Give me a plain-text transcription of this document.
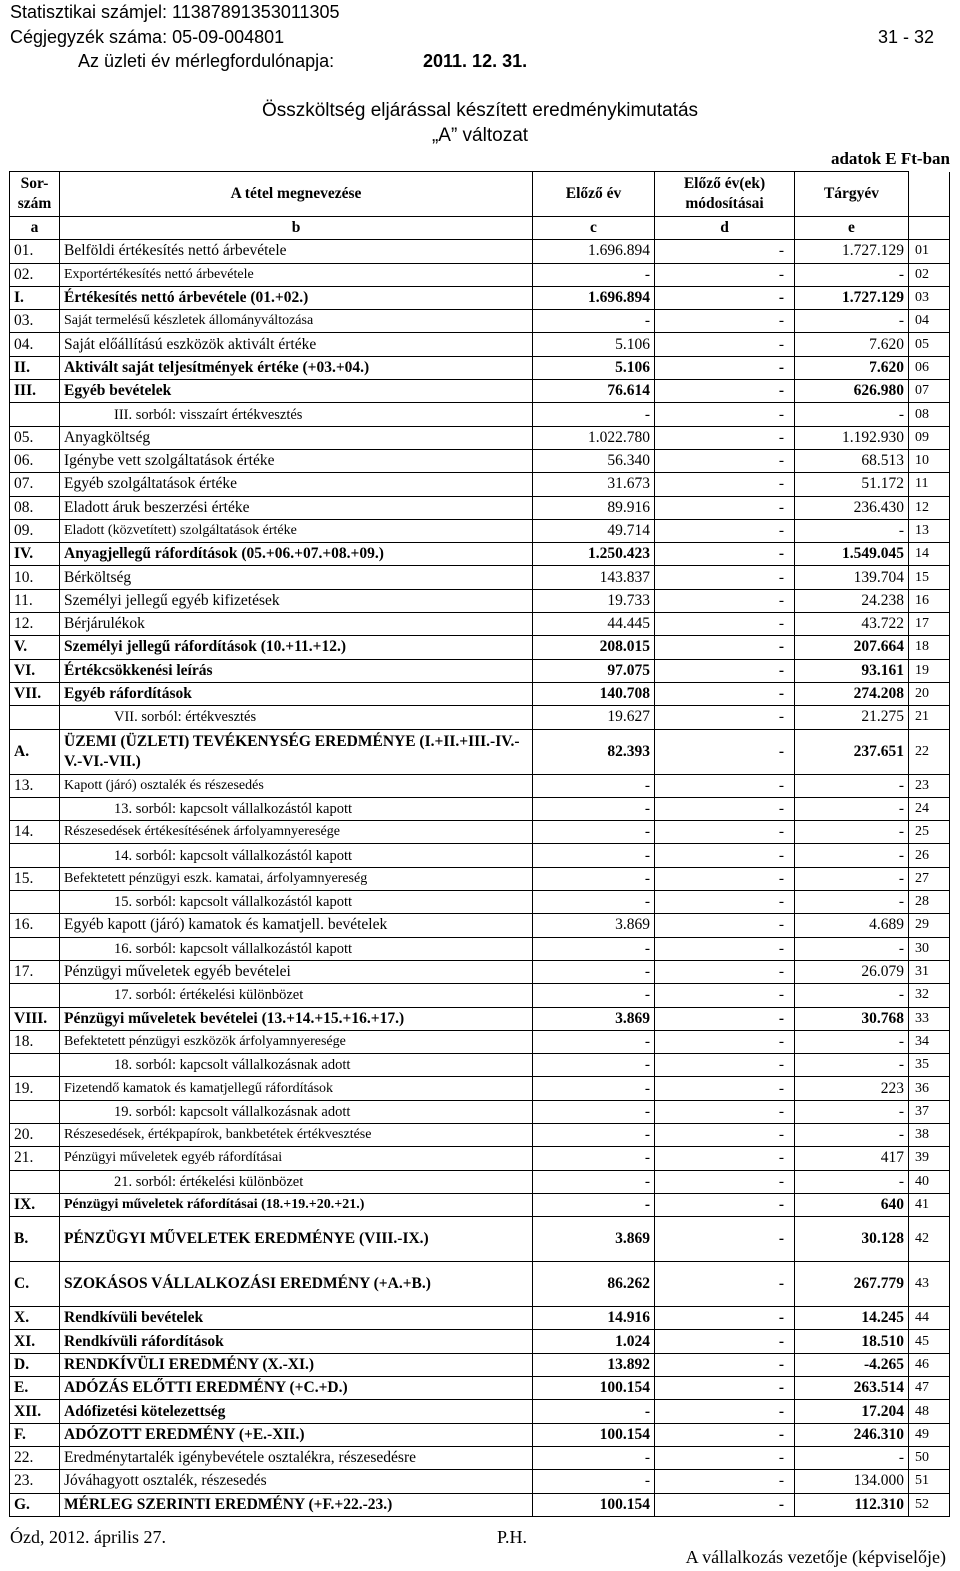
Statisztikai számjel: 11387891353011305
Cégjegyzék száma: 05-09-004801	31 - 32
Az üzleti év mérlegfordulónapja:	2011. 12. 31.
Összköltség eljárással készített eredménykimutatás
„A” változat
adatok E Ft-ban
Sor-
szám	A tétel megnevezése	Előző év	Előző év(ek)
módosításai	Tárgyév	
a	b	c	d	e	
01.	Belföldi értékesítés nettó árbevétele	1.696.894	-	1.727.129	01
02.	Exportértékesítés nettó árbevétele	-	-	-	02
I.	Értékesítés nettó árbevétele (01.+02.)	1.696.894	-	1.727.129	03
03.	Saját termelésű készletek állományváltozása	-	-	-	04
04.	Saját előállítású eszközök aktivált értéke	5.106	-	7.620	05
II.	Aktivált saját teljesítmények értéke (+03.+04.)	5.106	-	7.620	06
III.	Egyéb bevételek	76.614	-	626.980	07
	III. sorból: visszaírt értékvesztés	-	-	-	08
05.	Anyagköltség	1.022.780	-	1.192.930	09
06.	Igénybe vett szolgáltatások értéke	56.340	-	68.513	10
07.	Egyéb szolgáltatások értéke	31.673	-	51.172	11
08.	Eladott áruk beszerzési értéke	89.916	-	236.430	12
09.	Eladott (közvetített) szolgáltatások értéke	49.714	-	-	13
IV.	Anyagjellegű ráfordítások (05.+06.+07.+08.+09.)	1.250.423	-	1.549.045	14
10.	Bérköltség	143.837	-	139.704	15
11.	Személyi jellegű egyéb kifizetések	19.733	-	24.238	16
12.	Bérjárulékok	44.445	-	43.722	17
V.	Személyi jellegű ráfordítások (10.+11.+12.)	208.015	-	207.664	18
VI.	Értékcsökkenési leírás	97.075	-	93.161	19
VII.	Egyéb ráfordítások	140.708	-	274.208	20
	VII. sorból: értékvesztés	19.627	-	21.275	21
A.	ÜZEMI (ÜZLETI) TEVÉKENYSÉG EREDMÉNYE (I.+II.+III.-IV.-V.-VI.-VII.)	82.393	-	237.651	22
13.	Kapott (járó) osztalék és részesedés	-	-	-	23
	13. sorból: kapcsolt vállalkozástól kapott	-	-	-	24
14.	Részesedések értékesítésének árfolyamnyeresége	-	-	-	25
	14. sorból: kapcsolt vállalkozástól kapott	-	-	-	26
15.	Befektetett pénzügyi eszk. kamatai, árfolyamnyereség	-	-	-	27
	15. sorból: kapcsolt vállalkozástól kapott	-	-	-	28
16.	Egyéb kapott (járó) kamatok és kamatjell. bevételek	3.869	-	4.689	29
	16. sorból: kapcsolt vállalkozástól kapott	-	-	-	30
17.	Pénzügyi műveletek egyéb bevételei	-	-	26.079	31
	17. sorból: értékelési különbözet	-	-	-	32
VIII.	Pénzügyi műveletek bevételei (13.+14.+15.+16.+17.)	3.869	-	30.768	33
18.	Befektetett pénzügyi eszközök árfolyamnyeresége	-	-	-	34
	18. sorból: kapcsolt vállalkozásnak adott	-	-	-	35
19.	Fizetendő kamatok és kamatjellegű ráfordítások	-	-	223	36
	19. sorból: kapcsolt vállalkozásnak adott	-	-	-	37
20.	Részesedések, értékpapírok, bankbetétek értékvesztése	-	-	-	38
21.	Pénzügyi műveletek egyéb ráfordításai	-	-	417	39
	21. sorból: értékelési különbözet	-	-	-	40
IX.	Pénzügyi műveletek ráfordításai (18.+19.+20.+21.)	-	-	640	41
B.	PÉNZÜGYI MŰVELETEK EREDMÉNYE (VIII.-IX.)	3.869	-	30.128	42
C.	SZOKÁSOS VÁLLALKOZÁSI EREDMÉNY (+A.+B.)	86.262	-	267.779	43
X.	Rendkívüli bevételek	14.916	-	14.245	44
XI.	Rendkívüli ráfordítások	1.024	-	18.510	45
D.	RENDKÍVÜLI EREDMÉNY (X.-XI.)	13.892	-	-4.265	46
E.	ADÓZÁS ELŐTTI EREDMÉNY (+C.+D.)	100.154	-	263.514	47
XII.	Adófizetési kötelezettség	-	-	17.204	48
F.	ADÓZOTT EREDMÉNY (+E.-XII.)	100.154	-	246.310	49
22.	Eredménytartalék igénybevétele osztalékra, részesedésre	-	-	-	50
23.	Jóváhagyott osztalék, részesedés	-	-	134.000	51
G.	MÉRLEG SZERINTI EREDMÉNY (+F.+22.-23.)	100.154	-	112.310	52
Ózd, 2012. április 27.	P.H.
A vállalkozás vezetője (képviselője)
